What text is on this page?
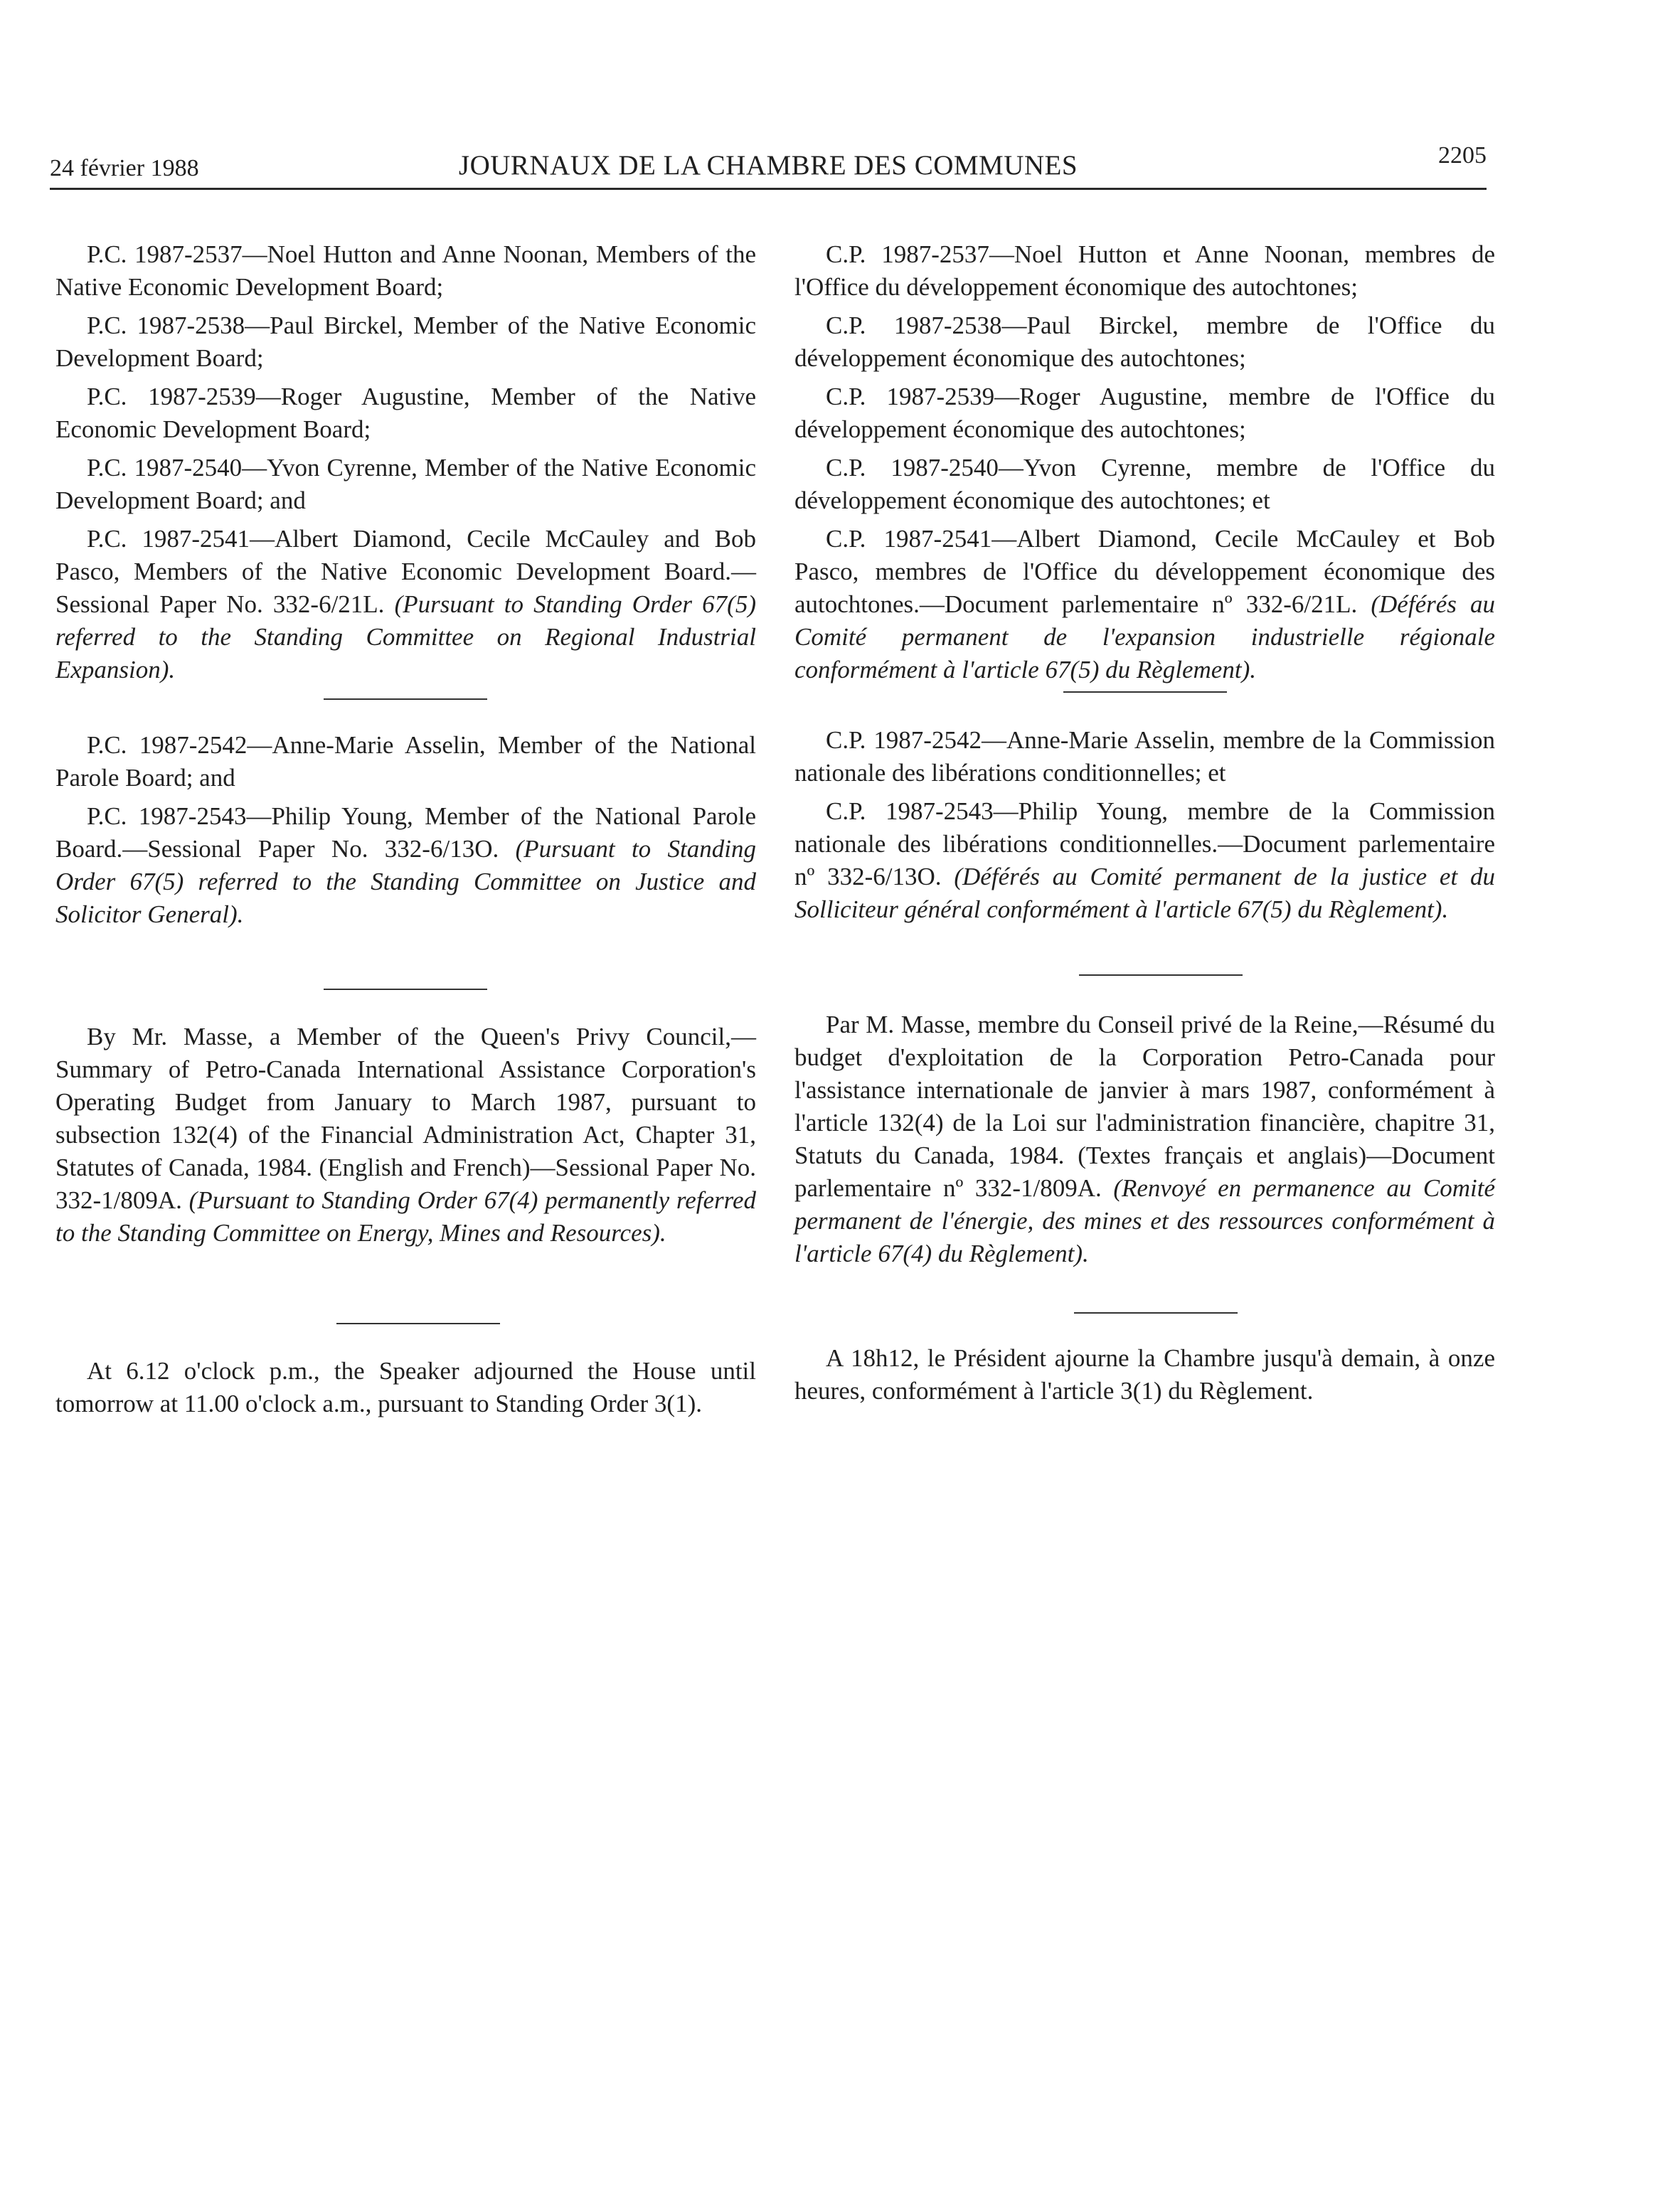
24 février 1988	JOURNAUX DE LA CHAMBRE DES COMMUNES	2205

P.C. 1987-2537—Noel Hutton and Anne Noonan, Members of the Native Economic Development Board;

P.C. 1987-2538—Paul Birckel, Member of the Native Economic Development Board;

P.C. 1987-2539—Roger Augustine, Member of the Native Economic Development Board;

P.C. 1987-2540—Yvon Cyrenne, Member of the Native Economic Development Board; and

P.C. 1987-2541—Albert Diamond, Cecile McCauley and Bob Pasco, Members of the Native Economic Development Board.—Sessional Paper No. 332-6/21L. (Pursuant to Standing Order 67(5) referred to the Standing Committee on Regional Industrial Expansion).

P.C. 1987-2542—Anne-Marie Asselin, Member of the National Parole Board; and

P.C. 1987-2543—Philip Young, Member of the National Parole Board.—Sessional Paper No. 332-6/13O. (Pursuant to Standing Order 67(5) referred to the Standing Committee on Justice and Solicitor General).

By Mr. Masse, a Member of the Queen's Privy Council,—Summary of Petro-Canada International Assistance Corporation's Operating Budget from January to March 1987, pursuant to subsection 132(4) of the Financial Administration Act, Chapter 31, Statutes of Canada, 1984. (English and French)—Sessional Paper No. 332-1/809A. (Pursuant to Standing Order 67(4) permanently referred to the Standing Committee on Energy, Mines and Resources).

At 6.12 o'clock p.m., the Speaker adjourned the House until tomorrow at 11.00 o'clock a.m., pursuant to Standing Order 3(1).

C.P. 1987-2537—Noel Hutton et Anne Noonan, membres de l'Office du développement économique des autochtones;

C.P. 1987-2538—Paul Birckel, membre de l'Office du développement économique des autochtones;

C.P. 1987-2539—Roger Augustine, membre de l'Office du développement économique des autochtones;

C.P. 1987-2540—Yvon Cyrenne, membre de l'Office du développement économique des autochtones; et

C.P. 1987-2541—Albert Diamond, Cecile McCauley et Bob Pasco, membres de l'Office du développement économique des autochtones.—Document parlementaire nº 332-6/21L. (Déférés au Comité permanent de l'expansion industrielle régionale conformément à l'article 67(5) du Règlement).

C.P. 1987-2542—Anne-Marie Asselin, membre de la Commission nationale des libérations conditionnelles; et

C.P. 1987-2543—Philip Young, membre de la Commission nationale des libérations conditionnelles.—Document parlementaire nº 332-6/13O. (Déférés au Comité permanent de la justice et du Solliciteur général conformément à l'article 67(5) du Règlement).

Par M. Masse, membre du Conseil privé de la Reine,—Résumé du budget d'exploitation de la Corporation Petro-Canada pour l'assistance internationale de janvier à mars 1987, conformément à l'article 132(4) de la Loi sur l'administration financière, chapitre 31, Statuts du Canada, 1984. (Textes français et anglais)—Document parlementaire nº 332-1/809A. (Renvoyé en permanence au Comité permanent de l'énergie, des mines et des ressources conformément à l'article 67(4) du Règlement).

A 18h12, le Président ajourne la Chambre jusqu'à demain, à onze heures, conformément à l'article 3(1) du Règlement.
